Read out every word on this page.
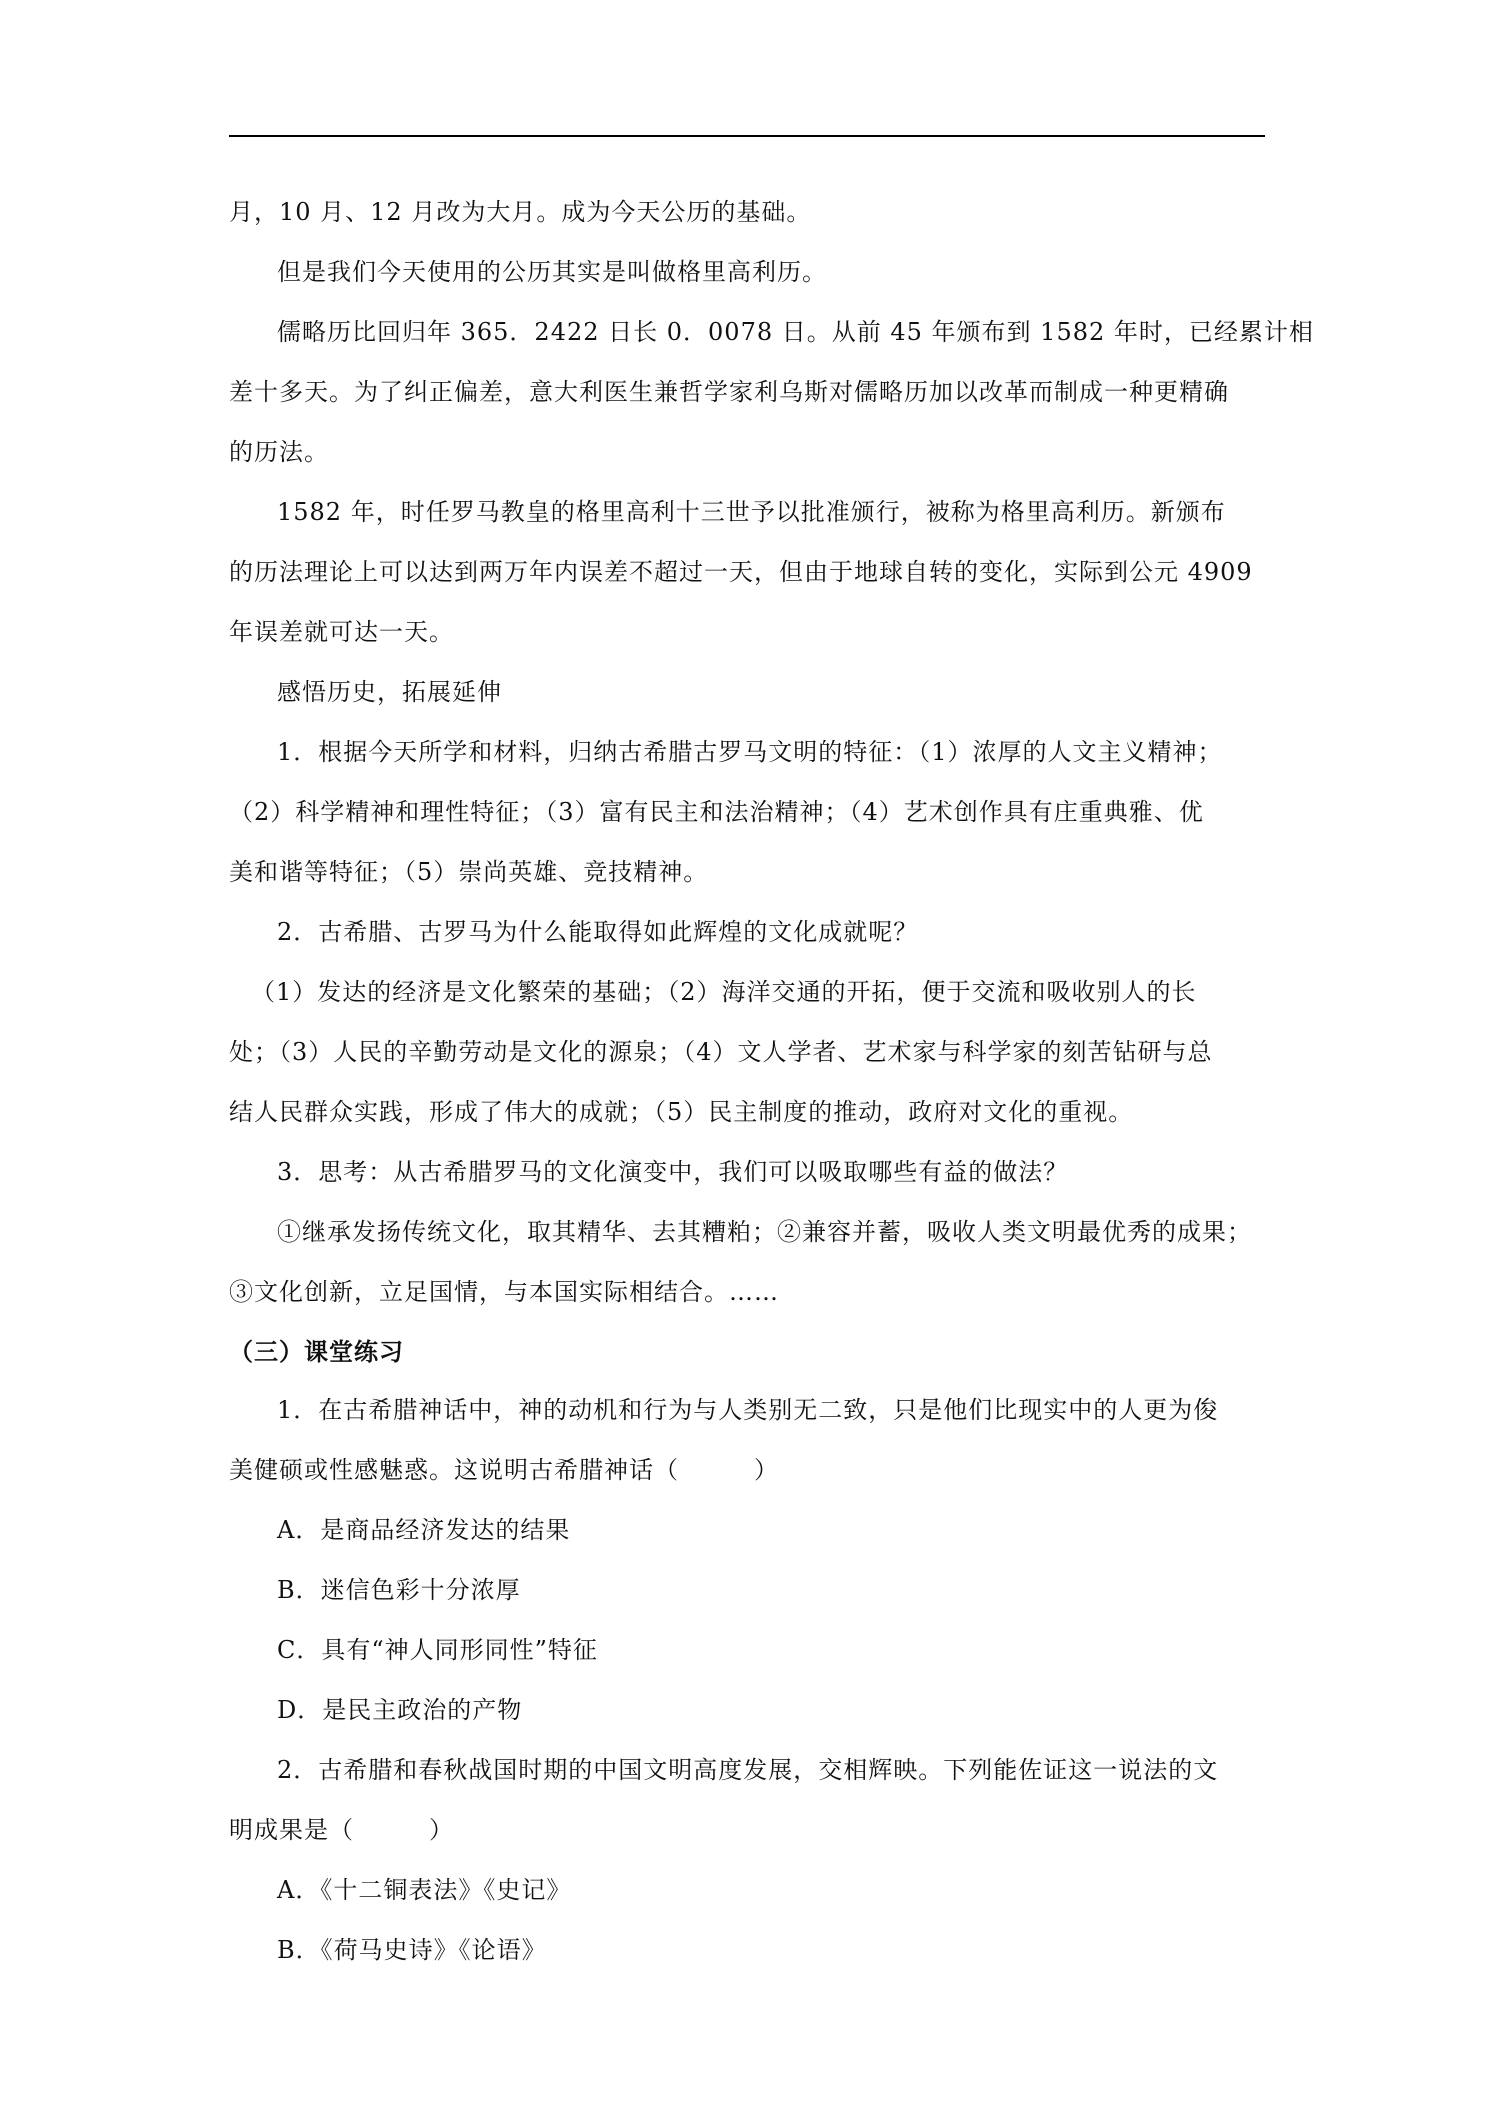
月，10 月、12 月改为大月。成为今天公历的基础。
但是我们今天使用的公历其实是叫做格里高利历。
儒略历比回归年 365．2422 日长 0．0078 日。从前 45 年颁布到 1582 年时，已经累计相
差十多天。为了纠正偏差，意大利医生兼哲学家利乌斯对儒略历加以改革而制成一种更精确
的历法。
1582 年，时任罗马教皇的格里高利十三世予以批准颁行，被称为格里高利历。新颁布
的历法理论上可以达到两万年内误差不超过一天，但由于地球自转的变化，实际到公元 4909
年误差就可达一天。
感悟历史，拓展延伸
1．根据今天所学和材料，归纳古希腊古罗马文明的特征：（1）浓厚的人文主义精神；
（2）科学精神和理性特征；（3）富有民主和法治精神；（4）艺术创作具有庄重典雅、优
美和谐等特征；（5）崇尚英雄、竞技精神。
2．古希腊、古罗马为什么能取得如此辉煌的文化成就呢？
（1）发达的经济是文化繁荣的基础；（2）海洋交通的开拓，便于交流和吸收别人的长
处；（3）人民的辛勤劳动是文化的源泉；（4）文人学者、艺术家与科学家的刻苦钻研与总
结人民群众实践，形成了伟大的成就；（5）民主制度的推动，政府对文化的重视。
3．思考：从古希腊罗马的文化演变中，我们可以吸取哪些有益的做法？
①继承发扬传统文化，取其精华、去其糟粕；②兼容并蓄，吸收人类文明最优秀的成果；
③文化创新，立足国情，与本国实际相结合。……
（三）课堂练习
1．在古希腊神话中，神的动机和行为与人类别无二致，只是他们比现实中的人更为俊
美健硕或性感魅惑。这说明古希腊神话（　　　）
A．是商品经济发达的结果
B．迷信色彩十分浓厚
C．具有“神人同形同性”特征
D．是民主政治的产物
2．古希腊和春秋战国时期的中国文明高度发展，交相辉映。下列能佐证这一说法的文
明成果是（　　　）
A．《十二铜表法》《史记》
B．《荷马史诗》《论语》
